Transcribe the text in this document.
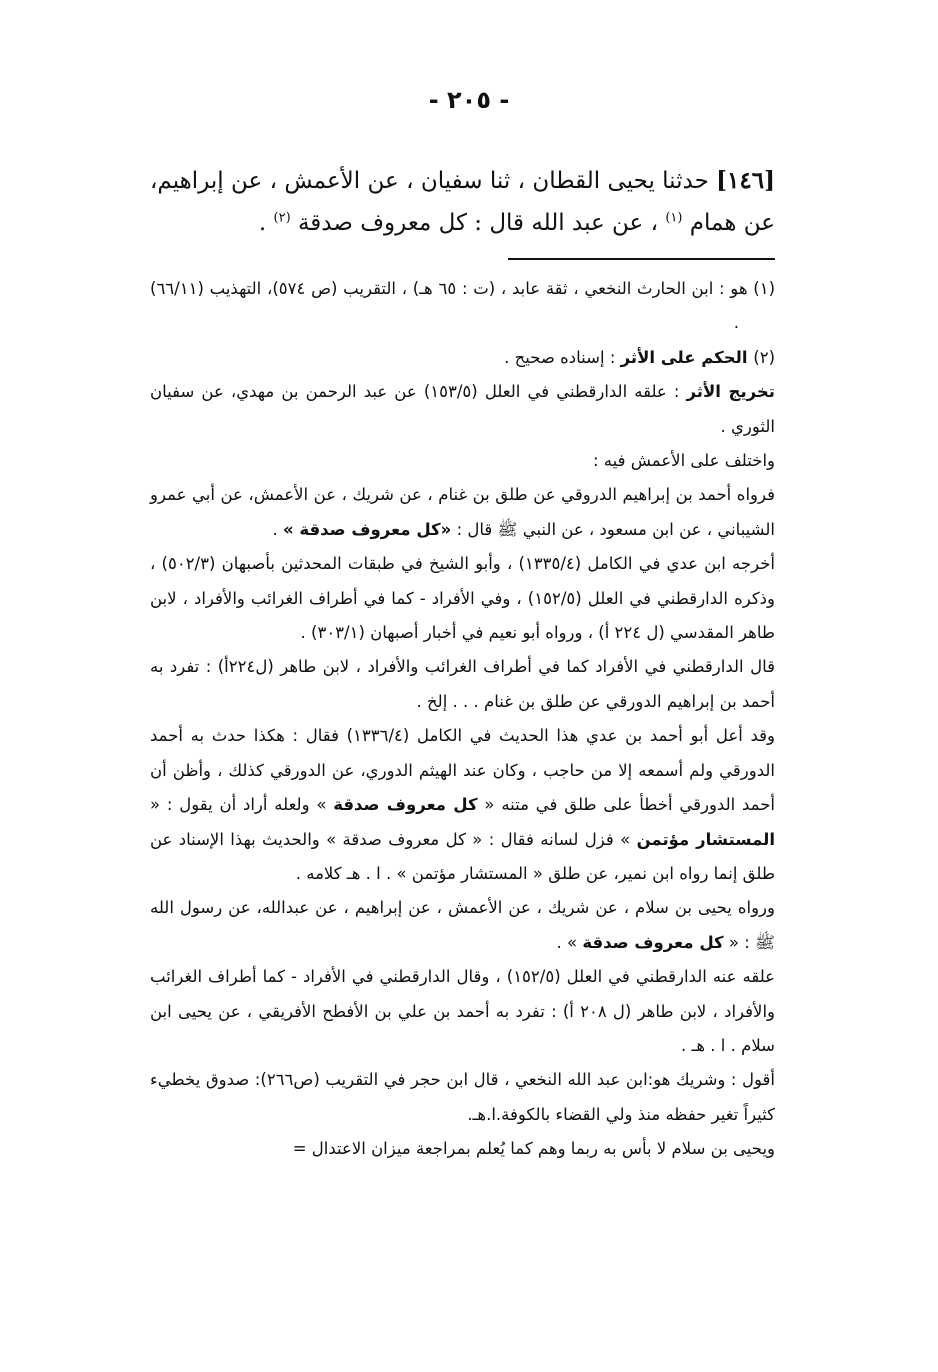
- ٢٠٥ -

[١٤٦] حدثنا يحيى القطان ، ثنا سفيان ، عن الأعمش ، عن إبراهيم، عن همام $^{(١)}$ ، عن عبد الله قال : كل معروف صدقة $^{(٢)}$ .

(١) هو : ابن الحارث النخعي ، ثقة عابد ، (ت : ٦٥ هـ) ، التقريب (ص ٥٧٤)، التهذيب (٦٦/١١) .

(٢) الحكم على الأثر : إسناده صحيح .

تخريج الأثر : علقه الدارقطني في العلل (١٥٣/٥) عن عبد الرحمن بن مهدي، عن سفيان الثوري .

واختلف على الأعمش فيه :

فرواه أحمد بن إبراهيم الدروقي عن طلق بن غنام ، عن شريك ، عن الأعمش، عن أبي عمرو الشيباني ، عن ابن مسعود ، عن النبي ﷺ قال : «كل معروف صدقة » .

أخرجه ابن عدي في الكامل (١٣٣٥/٤) ، وأبو الشيخ في طبقات المحدثين بأصبهان (٥٠٢/٣) ، وذكره الدارقطني في العلل (١٥٢/٥) ، وفي الأفراد - كما في أطراف الغرائب والأفراد ، لابن طاهر المقدسي (ل ٢٢٤ أ) ، ورواه أبو نعيم في أخبار أصبهان (٣٠٣/١) .

قال الدارقطني في الأفراد كما في أطراف الغرائب والأفراد ، لابن طاهر (ل٢٢٤أ) : تفرد به أحمد بن إبراهيم الدورقي عن طلق بن غنام . . . إلخ .

وقد أعل أبو أحمد بن عدي هذا الحديث في الكامل (١٣٣٦/٤) فقال : هكذا حدث به أحمد الدورقي ولم أسمعه إلا من حاجب ، وكان عند الهيثم الدوري، عن الدورقي كذلك ، وأظن أن أحمد الدورقي أخطأ على طلق في متنه « كل معروف صدقة » ولعله أراد أن يقول : « المستشار مؤتمن » فزل لسانه فقال : « كل معروف صدقة » والحديث بهذا الإسناد عن طلق إنما رواه ابن نمير، عن طلق « المستشار مؤتمن » . ا . هـ كلامه .

ورواه يحيى بن سلام ، عن شريك ، عن الأعمش ، عن إبراهيم ، عن عبدالله، عن رسول الله ﷺ : « كل معروف صدقة » .

علقه عنه الدارقطني في العلل (١٥٢/٥) ، وقال الدارقطني في الأفراد - كما أطراف الغرائب والأفراد ، لابن طاهر (ل ٢٠٨ أ) : تفرد به أحمد بن علي بن الأفطح الأفريقي ، عن يحيى ابن سلام . ا . هـ .

أقول : وشريك هو:ابن عبد الله النخعي ، قال ابن حجر في التقريب (ص٢٦٦): صدوق يخطيء كثيراً تغير حفظه منذ ولي القضاء بالكوفة.ا.هـ.

ويحيى بن سلام لا بأس به ربما وهم كما يُعلم بمراجعة ميزان الاعتدال =
